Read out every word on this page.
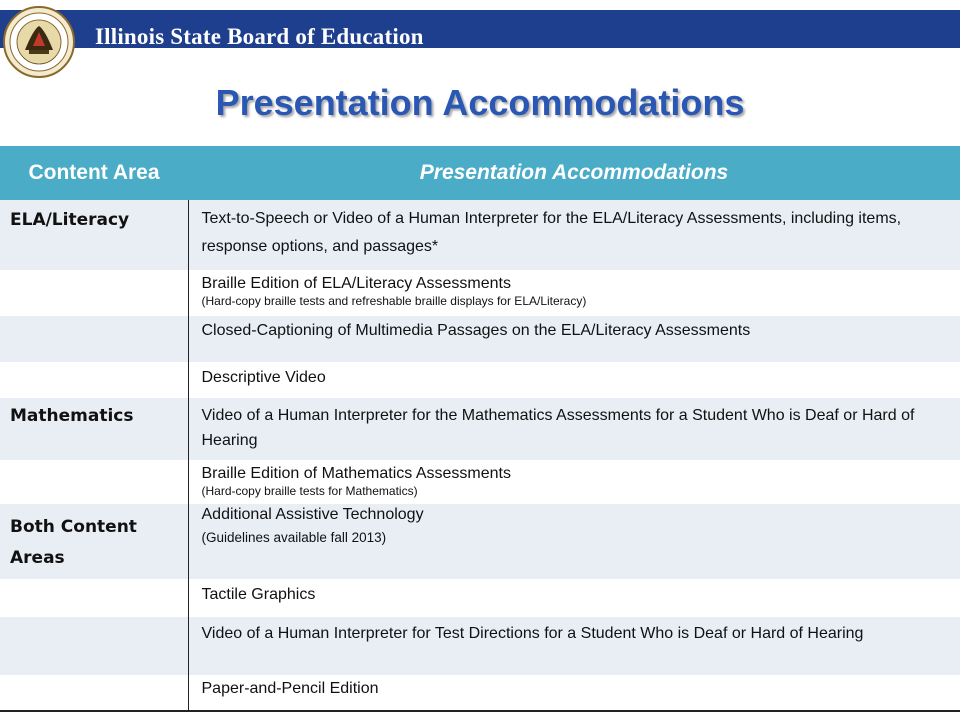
Illinois State Board of Education
Presentation Accommodations
Content Area	Presentation Accommodations
ELA/Literacy	Text-to-Speech or Video of a Human Interpreter for the ELA/Literacy Assessments, including items, response options, and passages*

	Braille Edition of ELA/Literacy Assessments
(Hard-copy braille tests and refreshable braille displays for ELA/Literacy)

	Closed-Captioning of Multimedia Passages on the ELA/Literacy Assessments
	Descriptive Video
Mathematics	Video of a Human Interpreter for the Mathematics Assessments for a Student Who is Deaf or Hard of Hearing

	Braille Edition of Mathematics Assessments
(Hard-copy braille tests for Mathematics)

Both Content Areas	Additional Assistive Technology
(Guidelines available fall 2013)

	Tactile Graphics
	Video of a Human Interpreter for Test Directions for a Student Who is Deaf or Hard of Hearing
	Paper-and-Pencil Edition
